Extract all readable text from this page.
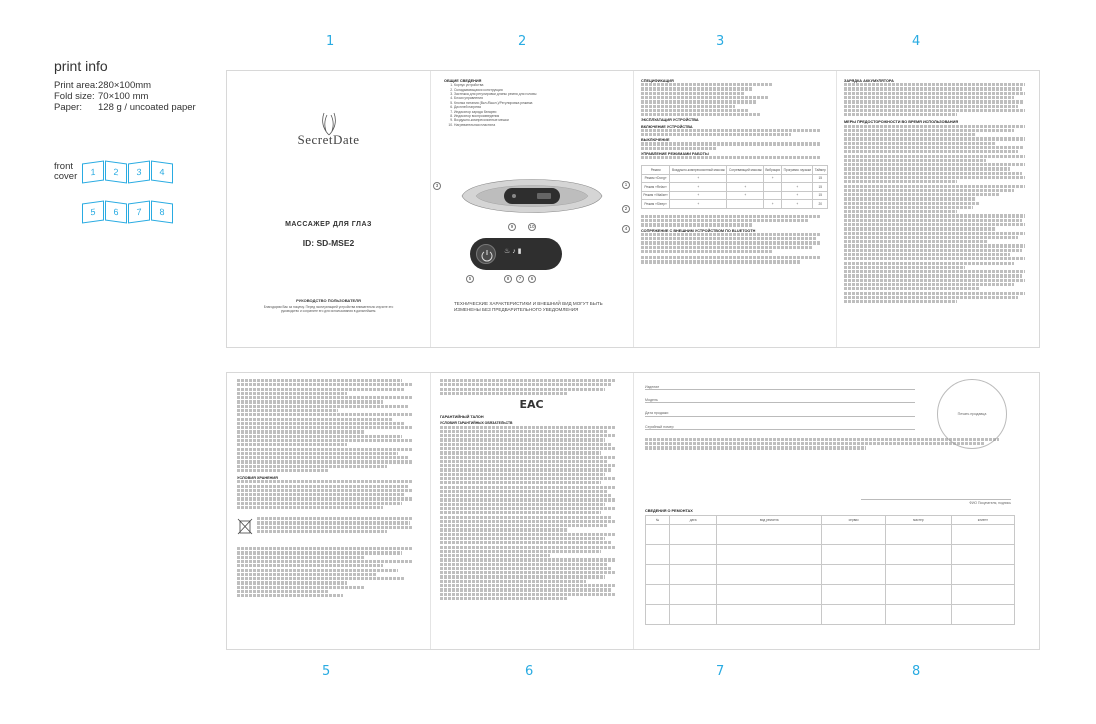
1	2	3	4
5	6	7	8
print info
Print area: 280×100mm
Fold size: 70×100 mm
Paper:	128 g / uncoated paper
front
cover	1	2	3	4
5	6	7	8
SecretDate
МАССАЖЕР ДЛЯ ГЛАЗ
ID: SD-MSE2
РУКОВОДСТВО ПОЛЬЗОВАТЕЛЯ
Благодарим Вас за покупку. Перед эксплуатацией устройства внимательно изучите это руководство и сохраните его для использования в дальнейшем.
ОБЩИЕ СВЕДЕНИЯ
1. Корпус устройства
2. Складывающаяся конструкция
3. Застежка для регулировки длины ремня для головы
4. Блоки управления
5. Кнопка питания (Вкл./Выкл.)/Регулировка режима
6. Дисплей нагрева
7. Индикатор заряда батареи
8. Индикатор воспроизведения
9. Воздушно-компрессионные мешки
10. Нагревательная пластина
3	1
2
4
9	10
♨ ♪ ▮
5	8	7	6
ТЕХНИЧЕСКИЕ ХАРАКТЕРИСТИКИ И ВНЕШНИЙ ВИД МОГУТ БЫТЬ ИЗМЕНЕНЫ БЕЗ ПРЕДВАРИТЕЛЬНОГО УВЕДОМЛЕНИЯ
СПЕЦИФИКАЦИЯ
ЭКСПЛУАТАЦИЯ УСТРОЙСТВА
ВКЛЮЧЕНИЕ УСТРОЙСТВА
ВЫКЛЮЧЕНИЕ
УПРАВЛЕНИЕ РЕЖИМАМИ РАБОТЫ
Режим	Воздушно-компрессионный массаж	Согревающий массаж	Вибрация	Программ. музыки	Таймер
Режим «Dong»	+		+		15
Режим «Relax»	+	+		+	15
Режим «Vitalize»	+	+		+	15
Режим «Sleep»	+		+	+	20
СОПРЯЖЕНИЕ С ВНЕШНИМ УСТРОЙСТВОМ ПО BLUETOOTH
ЗАРЯДКА АККУМУЛЯТОРА
МЕРЫ ПРЕДОСТОРОЖНОСТИ ВО ВРЕМЯ ИСПОЛЬЗОВАНИЯ
УСЛОВИЯ ХРАНЕНИЯ
EAC
ГАРАНТИЙНЫЙ ТАЛОН
УСЛОВИЯ ГАРАНТИЙНЫХ ОБЯЗАТЕЛЬСТВ
Изделие
Модель
Дата продажи
Серийный номер
Печать продавца
ФИО Покупателя, подпись
СВЕДЕНИЯ О РЕМОНТАХ
№	дата	вид ремонта	сервис	мастер	клиент
